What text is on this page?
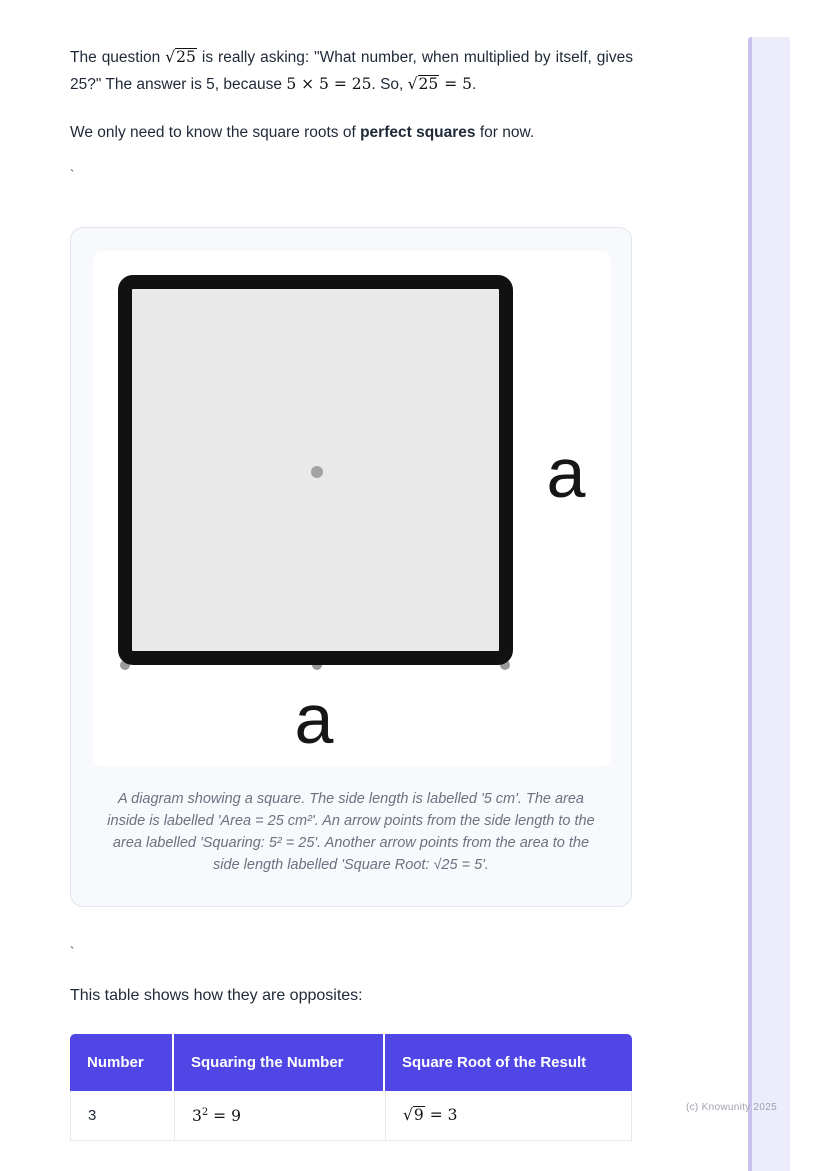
The question √25 is really asking: "What number, when multiplied by itself, gives 25?" The answer is 5, because 5 × 5 = 25. So, √25 = 5.

We only need to know the square roots of perfect squares for now.

`
a
a
A diagram showing a square. The side length is labelled '5 cm'. The area inside is labelled 'Area = 25 cm²'. An arrow points from the side length to the area labelled 'Squaring: 5² = 25'. Another arrow points from the area to the side length labelled 'Square Root: √25 = 5'.
`

This table shows how they are opposites:

Number	Squaring the Number	Square Root of the Result
3	$3^2 = 9$	√9 = 3	(c) Knowunity 2025
